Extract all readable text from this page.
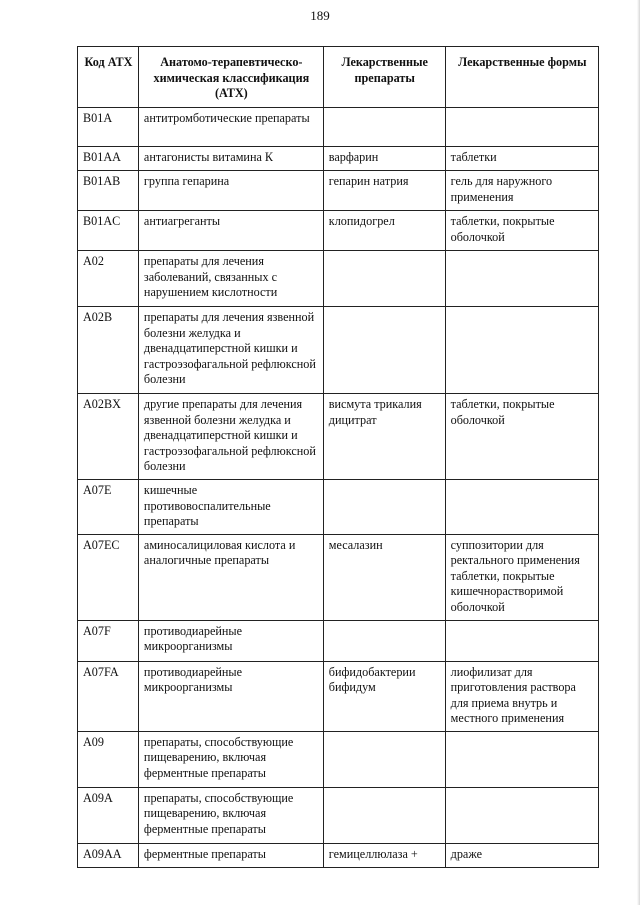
189
Код АТХ	Анатомо-терапевтическо-химическая классификация (АТХ)	Лекарственные препараты	Лекарственные формы
B01A	антитромботические препараты		
B01AA	антагонисты витамина К	варфарин	таблетки
B01AB	группа гепарина	гепарин натрия	гель для наружного применения
B01AC	антиагреганты	клопидогрел	таблетки, покрытые оболочкой
A02	препараты для лечения заболеваний, связанных с нарушением кислотности		
A02B	препараты для лечения язвенной болезни желудка и двенадцатиперстной кишки и гастроэзофагальной рефлюксной болезни		
A02BX	другие препараты для лечения язвенной болезни желудка и двенадцатиперстной кишки и гастроэзофагальной рефлюксной болезни	висмута трикалия дицитрат	таблетки, покрытые оболочкой
A07E	кишечные противовоспалительные препараты		
A07EC	аминосалициловая кислота и аналогичные препараты	месалазин	суппозитории для ректального применения таблетки, покрытые кишечнорастворимой оболочкой
A07F	противодиарейные микроорганизмы		
A07FA	противодиарейные микроорганизмы	бифидобактерии бифидум	лиофилизат для приготовления раствора для приема внутрь и местного применения
A09	препараты, способствующие пищеварению, включая ферментные препараты		
A09A	препараты, способствующие пищеварению, включая ферментные препараты		
A09AA	ферментные препараты	гемицеллюлаза +	драже
